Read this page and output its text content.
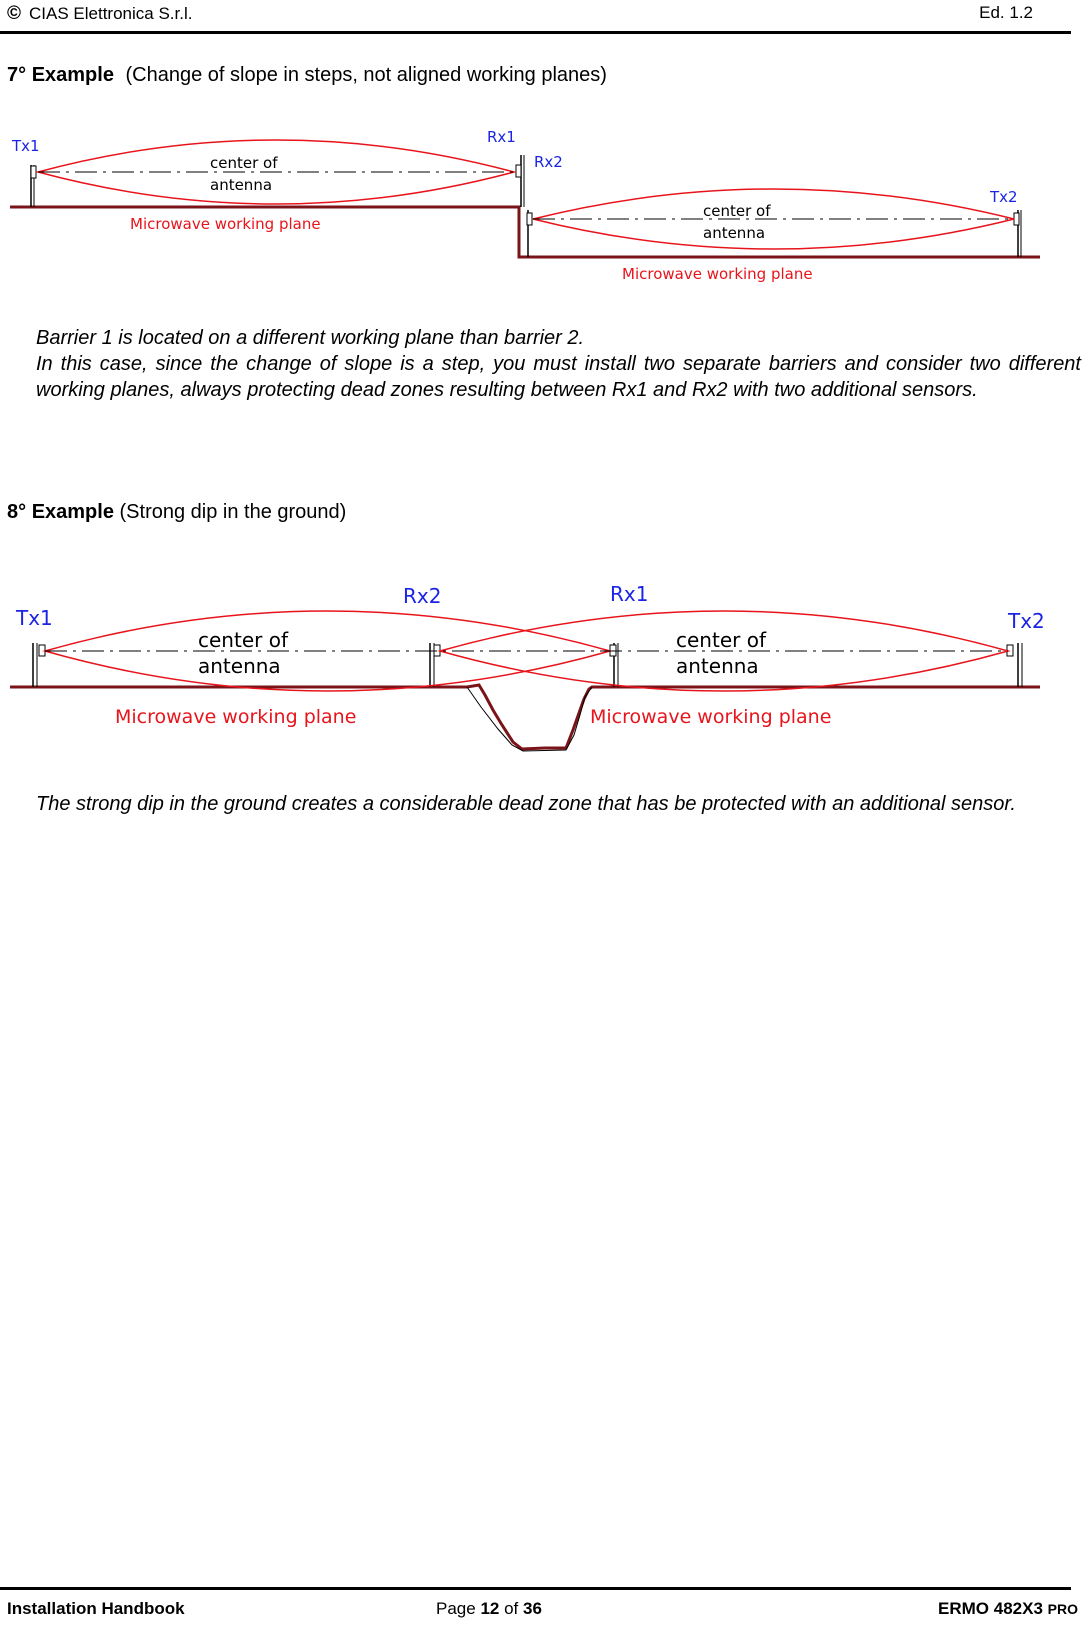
© CIAS Elettronica S.r.l.	Ed. 1.2
7° Example (Change of slope in steps, not aligned working planes)
Tx1	Rx1
Rx2
Tx2
center of
antenna
center of
antenna
Microwave working plane
Microwave working plane

Barrier 1 is located on a different working plane than barrier 2.

In this case, since the change of slope is a step, you must install two separate barriers and consider two different working planes, always protecting dead zones resulting between Rx1 and Rx2 with two additional sensors.

8° Example (Strong dip in the ground)
Tx1
Rx2	Rx1
Tx2
center of
antenna
center of
antenna
Microwave working plane	Microwave working plane

The strong dip in the ground creates a considerable dead zone that has be protected with an additional sensor.

Installation Handbook	Page 12 of 36	ERMO 482X3 PRO
